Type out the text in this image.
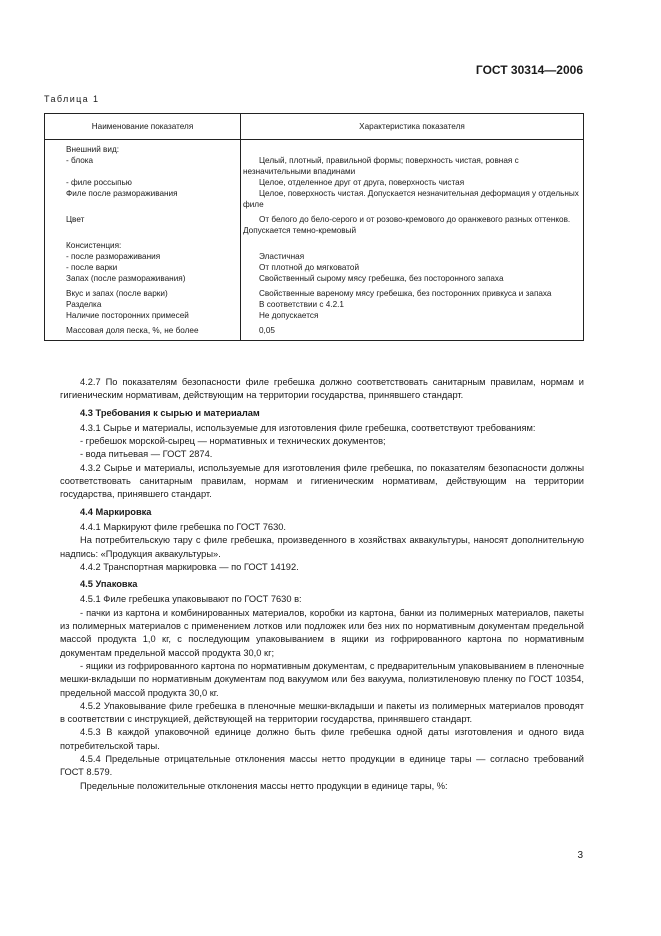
ГОСТ 30314—2006
Таблица 1
Наименование показателя	Характеристика показателя
Внешний вид:	
- блока	Целый, плотный, правильной формы; поверхность чистая, ровная с незначительными впадинами
- филе россыпью	Целое, отделенное друг от друга, поверхность чистая
Филе после размораживания	Целое, поверхность чистая. Допускается незначительная деформация у отдельных филе
Цвет	От белого до бело-серого и от розово-кремового до оранжевого разных оттенков. Допускается темно-кремовый
Консистенция:	
- после размораживания	Эластичная
- после варки	От плотной до мягковатой
Запах (после размораживания)	Свойственный сырому мясу гребешка, без посторонного запаха
Вкус и запах (после варки)	Свойственные вареному мясу гребешка, без посторонних привкуса и запаха
Разделка	В соответствии с 4.2.1
Наличие посторонних примесей	Не допускается
Массовая доля песка, %, не более	0,05

4.2.7 По показателям безопасности филе гребешка должно соответствовать санитарным правилам, нормам и гигиеническим нормативам, действующим на территории государства, принявшего стандарт.

4.3 Требования к сырью и материалам

4.3.1 Сырье и материалы, используемые для изготовления филе гребешка, соответствуют требованиям:

- гребешок морской-сырец — нормативных и технических документов;

- вода питьевая — ГОСТ 2874.

4.3.2 Сырье и материалы, используемые для изготовления филе гребешка, по показателям безопасности должны соответствовать санитарным правилам, нормам и гигиеническим нормативам, действующим на территории государства, принявшего стандарт.

4.4 Маркировка

4.4.1 Маркируют филе гребешка по ГОСТ 7630.

На потребительскую тару с филе гребешка, произведенного в хозяйствах аквакультуры, наносят дополнительную надпись: «Продукция аквакультуры».

4.4.2 Транспортная маркировка — по ГОСТ 14192.

4.5 Упаковка

4.5.1 Филе гребешка упаковывают по ГОСТ 7630 в:

- пачки из картона и комбинированных материалов, коробки из картона, банки из полимерных материалов, пакеты из полимерных материалов с применением лотков или подложек или без них по нормативным документам предельной массой продукта 1,0 кг, с последующим упаковыванием в ящики из гофрированного картона по нормативным документам предельной массой продукта 30,0 кг;

- ящики из гофрированного картона по нормативным документам, с предварительным упаковыванием в пленочные мешки-вкладыши по нормативным документам под вакуумом или без вакуума, полиэтиленовую пленку по ГОСТ 10354, предельной массой продукта 30,0 кг.

4.5.2 Упаковывание филе гребешка в пленочные мешки-вкладыши и пакеты из полимерных материалов проводят в соответствии с инструкцией, действующей на территории государства, принявшего стандарт.

4.5.3 В каждой упаковочной единице должно быть филе гребешка одной даты изготовления и одного вида потребительской тары.

4.5.4 Предельные отрицательные отклонения массы нетто продукции в единице тары — согласно требований ГОСТ 8.579.

Предельные положительные отклонения массы нетто продукции в единице тары, %:

3
